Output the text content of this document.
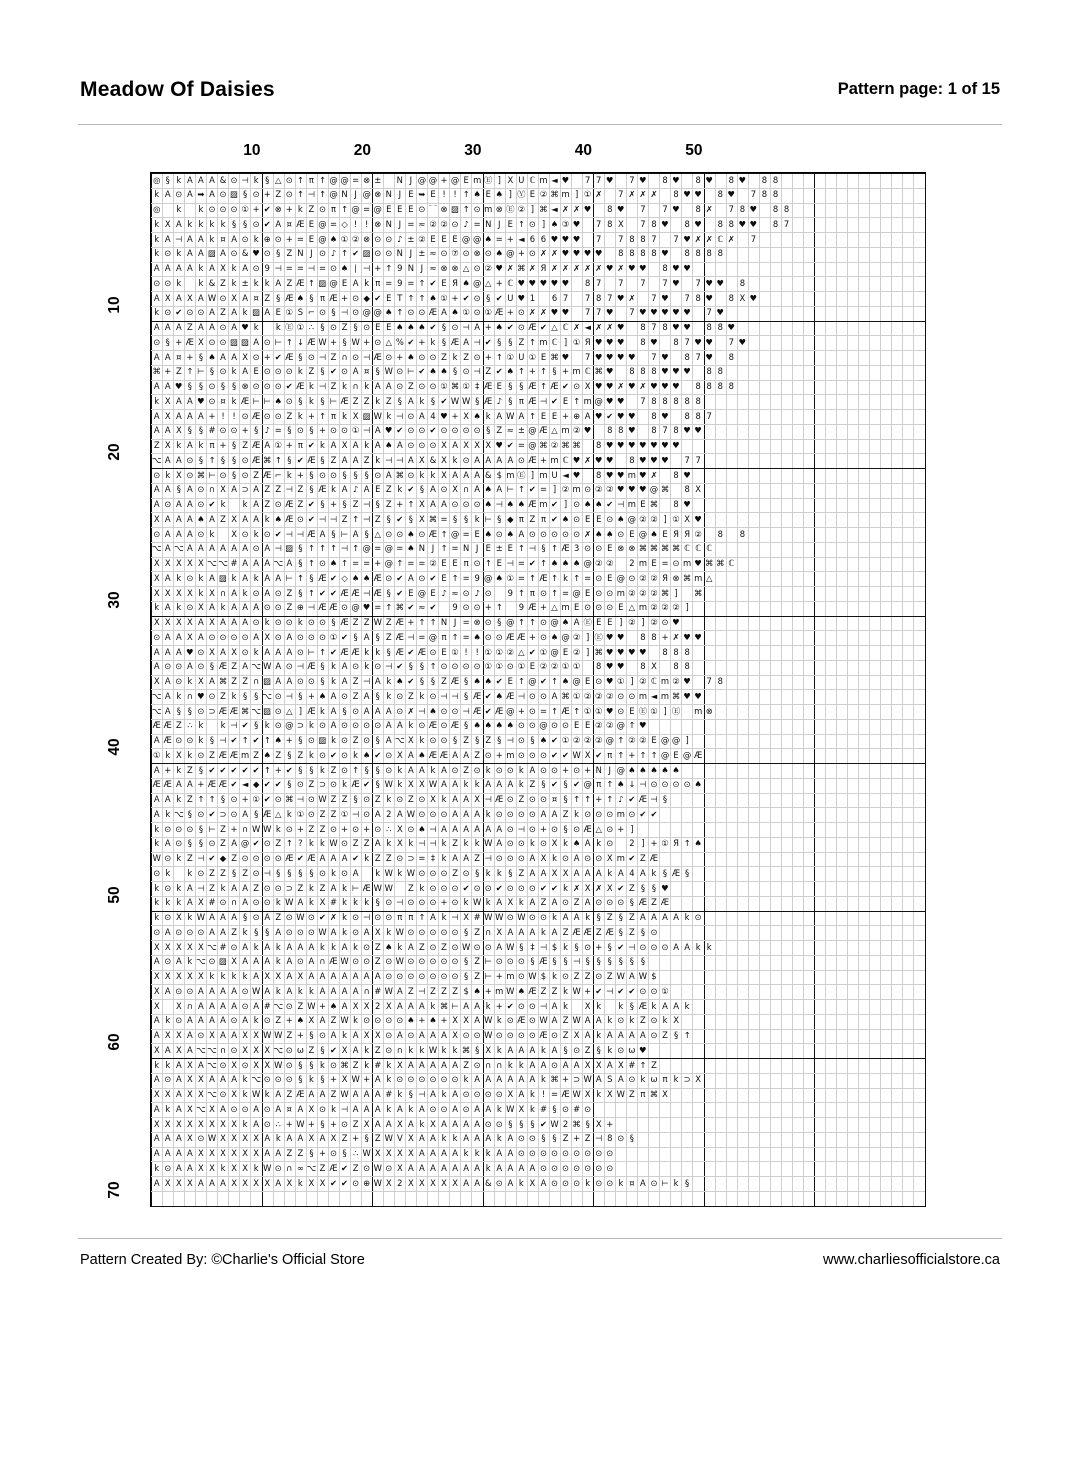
Meadow Of Daisies	Pattern page: 1 of 15
◎ § k A A A & ⊙ ⊣ k § △ ⊙ ↑ π ↑ @ @ = ⊗ ± N J @ @ + @ E m Ⓔ ] X U ℂ m ◄ ♥ 7 7 ♥ 7 ♥ 8 ♥ 8 ♥ 8 ♥ 8 8
k A ⊙ A ➡ A ⊙ ▨ § ⊙ + Z ⊙ ↑ ⊣ ↑ @ N J @ ⊗ N J E ➥ E ! ! ↑ ♠ E ♠ ] Ⓨ E ② ⌘ m ] ① ✗ 7 ✗ ✗ ✗ 8 ♥ ♥ 8 ♥ 7 8 8
◎ k k ⊙ ⊙ ⊙ ① + ✔ ⊗ + k Z ⊙ π ↑ @ = @ E E E ⊙ ⌒ ⊗ ▨ ↑ ⊙ m ⊗ Ⓔ ② ] ⌘ ◄ ✗ ✗ ♥ 8 ♥ 7 7 ♥ 8 ✗ 7 8 ♥ 8 8
k X A k k k k § § ⊙ ✔ A ¤ Æ E @ = ◇ ! ! ⊗ N J = ≈ ② ② ⊙ ♪ = N J E ↑ ⊙ ] ♠ ③ ♥ 7 8 X 7 8 ♥ 8 ♥ 8 8 ♥ ♥ 8 7
k A ⊣ A A k ¤ A ⊙ k ⊕ ⊙ + = E @ ♠ ① ② ⊗ ⊙ ⊙ ♪ ± ② E E E @ @ ♠ = + ◄ 6 6 ♥ ♥ ♥ 7 7 8 8 7 7 ♥ ✗ ✗ ℂ ✗ 7
k ⊙ k A A ▨ A ⊙ & ♥ ⊙ § Z N J ⊙ ♪ ↑ ✔ ▨ ⊙ ⊙ N J ± ≈ ⊙ ⑦ ⊙ ⊗ ⊙ ♠ @ + ⊙ ✗ ✗ ♥ ♥ ♥ ♥ 8 8 8 8 ♥ 8 8 8 8
A A A A k A X k A ⊙ 9 ⊣ = = ⊣ = ⊙ ♠ ∣ ⊣ + ↑ 9 N J ≈ ⊗ ⊗ △ ⊙ ② ♥ ✗ ⌘ ✗ Я ✗ ✗ ✗ ✗ ✗ ♥ ✗ ♥ ♥ 8 ♥ ♥
⊙ ⊙ k k & Z k ± k k A Z Æ ↑ ▨ @ E A k π = 9 = ↑ ✔ E Я ♠ @ △ + ℂ ♥ ♥ ♥ ♥ ♥ 8 7 7 7 7 ♥ 7 ♥ ♥ 8
A X A X A W ⊙ X A ¤ Z § Æ ♠ § π Æ + ⊙ ◆ ✔ E T ↑ ↑ ♠ ① + ✔ ⊙ § ✔ U ♥ 1 6 7 7 8 7 ♥ ✗ 7 ♥ 7 8 ♥ 8 X ♥
k ⊙ ✔ ⊙ ⊙ A Z A k ▨ A E ① S ⌐ ⊙ § ⊣ ⊙ @ @ ♠ ↑ ⊙ ⊙ Æ A ♠ ① ⊙ ① Æ + ⊙ ✗ ✗ ♥ ♥ 7 7 ♥ 7 ♥ ♥ ♥ ♥ ♥ 7 ♥
A A A Z A A ⊙ A ♥ k k Ⓔ ① ∴ § ⊙ Z § ⊙ E E ♠ ♠ ♠ ✔ § ⊙ ⊣ A + ♠ ✔ ⊙ Æ ✔ △ ℂ ✗ ◄ ✗ ✗ ♥ 8 7 8 ♥ ♥ 8 8 ♥
⊙ § + Æ X ⊙ ⊙ ▨ ▨ A ⊙ ⊢ ↑ ↓ Æ W + § W + ⊙ △ % ✔ + k § Æ A ⊣ ✔ § § Z ↑ m ℂ ] ① Я ♥ ♥ ♥ 8 ♥ 8 7 ♥ ♥ 7 ♥
A A ¤ + § ♠ A A X ⊙ + ✔ Æ § ⊙ ⊣ Z ∩ ⊙ ⊣ Æ ⊙ + ♠ ⊙ ⊙ Z k Z ⊙ + ↑ ① U ① E ⌘ ♥ 7 ♥ ♥ ♥ ♥ 7 ♥ 8 7 ♥ 8
⌘ + Z ↑ ⊢ § ⊙ k A E ⊙ ⊙ ⊙ k Z § ✔ ⊙ A ¤ § W ⊙ ⊢ ✔ ♠ ♠ § ⊙ ⊣ Z ✔ ♠ ↑ + ↑ § + m ℂ ⌘ ♥ 8 8 8 ♥ ♥ ♥ 8 8
A A ♥ § § ⊙ § § ⊗ ⊙ ⊙ ⊙ ✔ Æ k ⊣ Z k ∩ k A A ⊙ Z ⊙ ⊙ ① ⌘ ① ‡ Æ E § § Æ ↑ Æ ✔ ⊙ X ♥ ♥ ✗ ♥ ✗ ♥ ♥ ♥ 8 8 8 8
k X A A ♥ ⊙ ¤ k Æ ⊢ ⊢ ♠ ⊙ § k § ⊢ Æ Z Z k Z § A k § ✔ W W § Æ ♪ § π Æ ⊣ ✔ E ↑ m @ ♥ ♥ 7 8 8 8 8 8
A X A A A + ! ! ⊙ Æ ⊙ ⊙ Z k + ↑ π k X ▨ W k ⊣ ⊙ A 4 ♥ + X ♠ k A W A ↑ E E + ⊕ A ♥ ✔ ♥ ♥ 8 ♥ 8 8 7
A A X § § # ⊙ ⊙ + § ♪ = § ⊙ § + ⊙ ⊙ ① ⊣ A ♥ ✔ ⊙ ⊙ ✔ ⊙ ⊙ ⊙ ⊙ § Z ≈ ± @ Æ △ m ② ♥ 8 8 ♥ 8 7 8 ♥ ♥
Z X k A k π + § Z Æ A ① + π ✔ k A X A k A ♠ A ⊙ ⊙ ⊙ X A X X X ♥ ✔ = @ ⌘ ② ⌘ ⌘ 8 ♥ ♥ ♥ ♥ ♥ ♥ ♥
⌥ A A ⊙ § ↑ § § ⊙ Æ ⌘ ↑ § ✔ Æ § Z A A Z k ⊣ ⊣ A X & X k ⊙ A A A A ⊙ Æ + m ℂ ♥ ✗ ♥ ♥ 8 ♥ ♥ ♥ 7 7
⊙ k X ⊙ ⌘ ⊢ ⊙ § ⊙ Z Æ ⌐ k + § ⊙ ⊙ § § § ⊙ A ⌘ ⊙ k k X A A A & $ m Ⓔ ] m U ◄ ♥ 8 ♥ ♥ m ♥ ✗ 8 ♥
A A § A ⊙ ∩ X A ⊃ A Z Z ⊣ Z § Æ k A ♪ A E Z k ✔ § A ⊙ X ∩ A ♠ A ⊢ ↑ ✔ = ] ② m ⊙ ② ② ♥ ♥ ♥ @ ⌘ 8 X
A ⊙ A A ⊙ ✔ k k A Z ⊙ Æ Z ✔ § + § Z ⊣ § Z + ↑ X A A ⊙ ⊙ ⊙ ♠ ⊣ ♠ ♠ Æ m ✔ ] ⊙ ♠ ♠ ✔ ⊣ m E ⌘ 8 ♥
X A A A ♠ A Z X A A k ♠ Æ ⊙ ✔ ⊣ ⊣ Z ↑ ⊣ Z § ✔ § X ⌘ = § § k ⊢ § ◆ π Z π ✔ ♠ ⊙ E E ⊙ ♠ @ ② ② ] ① X ♥
⊙ A A A ⊙ k X ⊙ k ⊙ ✔ ⊣ ⊣ Æ A § ⊢ A § △ ⊙ ⊙ ♠ ⊙ Æ ↑ @ = E ♠ ⊙ ♠ A ⊙ ⊙ ⊙ ⊙ ⊙ ✗ ♠ ♠ ⊙ E @ ♠ E Я Я ② 8 8
⌥ A ⌥ A A A A A A ⊙ A ⊣ ▨ § ↑ ↑ ↑ ⊣ ↑ @ = @ = ♠ N J ↑ = N J E ± E ↑ ⊣ § ↑ Æ 3 ⊙ ⊙ E ⊗ ⊗ ⌘ ⌘ ⌘ ⌘ ℂ ℂ ℂ
X X X X X ⌥ ⌥ # A A A ⌥ A § ↑ ⊙ ♠ ↑ = = + @ ↑ = = ② E E π ⊙ ↑ E ⊣ = ✔ ↑ ♠ ♠ ♠ @ ② ② 2 m E = ⊙ m ♥ ⌘ ⌘ ℂ
X A k ⊙ k A ▨ k A k A A ⊢ ↑ § Æ ✔ ◇ ♠ ♠ Æ ⊙ ✔ A ⊙ ✔ E ↑ = 9 @ ♠ ① = ↑ Æ ↑ k ↑ = ⊙ E @ ⊙ ② ② Я ⊗ ⌘ m △
X X X X k X ∩ A k ⊙ A ⊙ Z § ↑ ✔ ✔ Æ Æ ⊣ Æ § ✔ E @ E ♪ ≈ ⊙ ♪ ⊙ 9 ↑ π ⊙ ↑ = @ E ⊙ ⊙ m ② ② ② ⌘ ]	⌘
k A k ⊙ X A k A A A ⊙ ⊙ Z ⊕ ⊣ Æ Æ ⊙ @ ♥ = ↑ ⌘ ✔ ≈ ✔ 9 ⊙ ⊙ + ↑ 9 Æ + △ m E ⊙ ⊙ ⊙ E △ m ② ② ② ]
X X X X A X A A A ⊙ k ⊙ ⊙ k ⊙ ⊙ § Æ Z Z W Z Æ + ↑ ↑ N J = ⊗ ⊙ § @ ↑ ↑ ⊙ @ ♠ A Ⓔ E E ] ② ] ② ⊙ ♥
⊙ A A X A ⊙ ⊙ ⊙ ⊙ A X ⊙ A ⊙ ⊙ ⊙ ① ✔ § A § Z Æ ⊣ = @ π ↑ = ♠ ⊙ ⊙ Æ Æ + ⊙ ♠ @ ② ] Ⓔ ♥ ♥ 8 8 + ✗ ♥ ♥
A A A ♥ ⊙ X A X ⊙ k A A A ⊙ ⊢ ↑ ✔ Æ Æ k k § Æ ✔ Æ ⊙ E ① ! ! ① ① ② △ ✔ ① @ E ② ] ⌘ ♥ ♥ ♥ ♥ 8 8 8
A ⊙ ⊙ A ⊙ § Æ Z A ⌥ W A ⊙ ⊣ Æ § k A ⊙ k ⊙ ⊣ ✔ § § ↑ ⊙ ⊙ ⊙ ⊙ ① ① ⊙ ① E ② ② ① ① 8 ♥ ♥ 8 X 8 8
X A ⊙ k X A ⌘ Z Z ∩ ▨ A A ⊙ ⊙ § k A Z ⊣ A k ♠ ✔ § § Z Æ § ♠ ♠ ✔ E ↑ @ ✔ ↑ ♠ @ E ⊙ ♥ ① ] ② ℂ m ② ♥ 7 8
⌥ A k ∩ ♥ ⊙ Z k § § ⌥ ⊙ ⊣ § + ♠ A ⊙ Z A § k ⊙ Z k ⊙ ⊣ ⊣ § Æ ✔ ♠ Æ ⊣ ⊙ ⊙ A ⌘ ① ② ② ② ⊙ ⊙ m ◄ m ⌘ ♥ ♥
⌥ A § § ⊙ ⊃ Æ Æ ⌘ ⌥ ▨ ⊙ △ ] Æ k A § ⊙ A A A ⊙ ✗ ⊣ ♠ ⊙ ⊙ ⊣ Æ ✔ Æ @ + ⊙ = ↑ Æ ↑ ① ① ♥ ⊙ E Ⓔ ① ] Ⓔ m ⊗
Æ Æ Z ∴ k k ⊣ ✔ § k ⊙ @ ⊃ k ⊙ A ⊙ ⊙ ⊙ ⊙ A A k ⊙ Æ ⊙ Æ § ♠ ♠ ♠ ♠ ⊙ ⊙ @ ⊙ ⊙ E E ② ② @ ↑ ♥
A Æ ⊙ ⊙ k § ⊣ ✔ ↑ ✔ ↑ ♠ + § ⊙ ▨ k ⊙ Z ⊙ § A ⌥ X k ⊙ ⊙ § Z § Z § ⊣ ⊙ § ♠ ✔ ① ② ② ② @ ↑ ② ② E @ @ ]
① k X k ⊙ Z Æ Æ m Z ♠ Z § Z k ⊙ ✔ ⊙ k ♠ ✔ ⊙ X A ♠ Æ Æ A A Z ⊙ + m ⊙ ⊙ ⊙ ✔ ✔ W X ✔ π ↑ + ↑ ↑ @ E @ Æ
A + k Z § ✔ ✔ ✔ ✔ ✔ ↑ + ✔ § § k Z ⊙ ↑ § § ⊙ k A A k A ⊙ Z ⊙ k ⊙ ⊙ k A ⊙ ⊙ + ⊙ + N J @ ♠ ♠ ♠ ♠ ♠
Æ Æ A A + Æ Æ ✔ ◄ ◆ ✔ ✔ § ⊙ Z ⊃ ⊙ k Æ ✔ § W k X X W A A k k A A A k Z § ✔ § ✔ @ π ↑ ♠ ↓ ⊣ ⊙ ⊙ ⊙ ⊙ ♠
A A k Z ↑ ↑ § ⊙ + ① ✔ ⊙ ⌘ ⊣ ⊙ W Z Z § ⊙ Z k ⊙ Z ⊙ X k A A X ⊣ Æ ⊙ Z ⊙ ⊙ ¤ § ↑ ↑ + ↑ ♪ ✔ Æ ⊣ §
A k ⌥ § ⊙ ✔ ⊃ ⊙ A § Æ △ k ① ⊙ Z Z ① ⊣ ⊙ A 2 A W ⊙ ⊙ ⊙ A A A k ⊙ ⊙ ⊙ ⊙ A A Z k ⊙ ⊙ ⊙ m ⊙ ✔ ✔
k ⊙ ⊙ ⊙ § ⊢ Z + ∩ W W k ⊙ + Z Z ⊙ + ⊙ + ⊙ ∴ X ⊙ ♠ ⊣ A A A A A A ⊙ ⊣ ⊙ + ⊙ § ⊙ Æ △ ⊙ + ]
k A ⊙ § § ⊙ Z A @ ✔ ⊙ Z ↑ ? k k W ⊙ Z Z A k X k ⊣ ⊣ k Z k k W A ⊙ ⊙ k ⊙ X k ♠ A k ⊙ 2 ] + ① Я ↑ ♠
W ⊙ k Z ⊣ ✔ ◆ Z ⊙ ⊙ ⊙ ⊙ Æ ✔ Æ A A A ✔ k Z Z ⊙ ⊃ = ‡ k A A Z ⊣ ⊙ ⊙ ⊙ A X k ⊙ A ⊙ ⊙ X m ✔ Z Æ
⊙ k k ⊙ Z Z § Z ⊙ ⊣ § § § § ⊙ k ⊙ A k W k W ⊙ ⊙ ⊙ Z ⊙ § k k § Z A A X X A A A k A 4 A k § Æ §
k ⊙ k A ⊣ Z k A A Z ⊙ ⊙ ⊃ Z k Z A k ⊢ Æ W W Z k ⊙ ⊙ ⊙ ✔ ⊙ ⊙ ✔ ⊙ ⊙ ⊙ ✔ ✔ k ✗ X ✗ X ✔ Z § § ♥
k k k A X # ⊙ ∩ A ⊙ ⊙ k W A k X # k k k § ⊙ ⊣ ⊙ ⊙ ⊙ + ⊙ k W k A X k A Z A ⊙ Z A ⊙ ⊙ ⊙ § Æ Z Æ
k ⊙ X k W A A A § ⊙ A Z ⊙ W ⊙ ✔ ✗ k ⊙ ⊣ ⊙ ⊙ π π ↑ A k ⊣ X # W W ⊙ W ⊙ ⊙ k A A k § Z § Z A A A A k ⊙
⊙ A ⊙ ⊙ ⊙ A A Z k § § A ⊙ ⊙ ⊙ W A k ⊙ A X k W ⊙ ⊙ ⊙ ⊙ ⊙ § Z ∩ X A A A k A Z Æ Æ Z Æ § Z § ⊙
X X X X X ⌥ # ⊙ A k A k A A A k k A k ⊙ Z ♠ k A Z ⊙ Z ⊙ W ⊙ ⊙ A W § ‡ ⊣ $ k § ⊙ + § ✔ ⊣ ⊙ ⊙ ⊙ A A k k
A ⊙ A k ⌥ ⊙ ▨ X A A A k A ⊙ A ∩ Æ W ⊙ ⊙ Z ⊙ W ⊙ ⊙ ⊙ ⊙ ⊙ § Z ⊢ ⊙ ⊙ ⊙ § Æ § § ⊣ § § § § § §
X X X X X k k k k A X X A X A A A A A A A ⊙ ⊙ ⊙ ⊙ ⊙ ⊙ ⊙ § Z ⊢ + m ⊙ W $ k ⊙ Z Z ⊙ Z W A W $
X A ⊙ ⊙ A A A A ⊙ W A k A k k A A A A ∩ # W A Z ⊣ Z Z Z $ ♠ + m W ♠ Æ Z Z k W + ✔ ⊣ ✔ ✔ ⊙ ⊙ ①
X X ∩ A A A A ⊙ A # ⌥ ⊙ Z W + ♠ A X X 2 X A A A k ⌘ ⊢ A A k + ✔ ⊙ ⊙ ⊣ A k X k k § Æ k A A k
A k ⊙ A A A A ⊙ A k ⊙ Z + ♠ X A Z W k ⊙ ⊙ ⊙ ⊙ ♠ + ♠ + X X A W k ⊙ Æ ⊙ W A Z W A A k ⊙ k Z ⊙ k X
A X X A ⊙ X A A X X W W Z + § ⊙ A k A X X ⊙ A ⊙ A A A X ⊙ ⊙ W ⊙ ⊙ ⊙ ⊙ Æ ⊙ Z X A k A A A A ⊙ Z § ↑
X A X A ⌥ ⌥ ∩ ⊙ X X X ⌥ ⊙ ω Z § ✔ X A k Z ⊙ ∩ k k W k k ⌘ § X k A A A k A § ⊙ Z § k ⊙ ω ♥
k k A X A ⌥ ⊙ X ⊙ X X W ⊙ § § k ⊙ ⌘ Z k # k X A A A A A Z ⊙ ∩ ∩ k k A A ⊙ A A X X A X # ↑ Z
A ⊙ A X X A A A k ⌥ ⊙ ⊙ ⊙ § k § + X W + A k ⊙ ⊙ ⊙ ⊙ ⊙ ⊙ k A A A A A A k ⌘ + ⊃ W A S A ⊙ k ω π k ⊃ X
X X A X X ⌥ ⊙ X k W k A Z Æ A A Z W A A A # k § ⊣ A k A ⊙ ⊙ ⊙ ⊙ X A k ! = Æ W X k X W Z π ⌘ X
A k A X ⌥ X A ⊙ ⊙ A ⊙ A ¤ A X ⊙ k ⊣ A A A k A k A ⊙ ⊙ A ⊙ A A k W X k # § ⊙ # ⊙
X X X X X X X X k A ⊙ ∴ + W + § + ⊙ Z X A A X A k X A A A A ⊙ ⊙ § § § ✔ W 2 ⌘ § X +
A A A X ⊙ W X X X X A k A A X A X Z + § Z W V X A A k k A A A k A ⊙ ⊙ § § Z + Z ⊣ 8 ⊙ §
A A A A X X X X X X A A Z Z § + ⊙ § ∴ W X X X X A A A A k k k A A ⊙ ⊙ ⊙ ⊙ ⊙ ⊙ ⊙ ⊙ ⊙
k ⊙ A A X X k X X k W ⊙ ∩ ∞ ⌥ Z Æ ✔ Z ⊙ W ⊙ X A A A A A A A k A A A A ⊙ ⊙ ⊙ ⊙ ⊙ ⊙ ⊙
A X X X A A A X X X X A X k X X ✔ ✔ ⊙ ⊕ W X 2 X X X X X A A & ⊙ A k X A ⊙ ⊙ ⊙ k ⊙ ⊙ k ¤ A ⊙ ⊢ k §
10	20	30	40	50
10
20
30
40
50
60
70
Pattern Created By: ©Charlie's Official Store	www.charliesofficialstore.ca
